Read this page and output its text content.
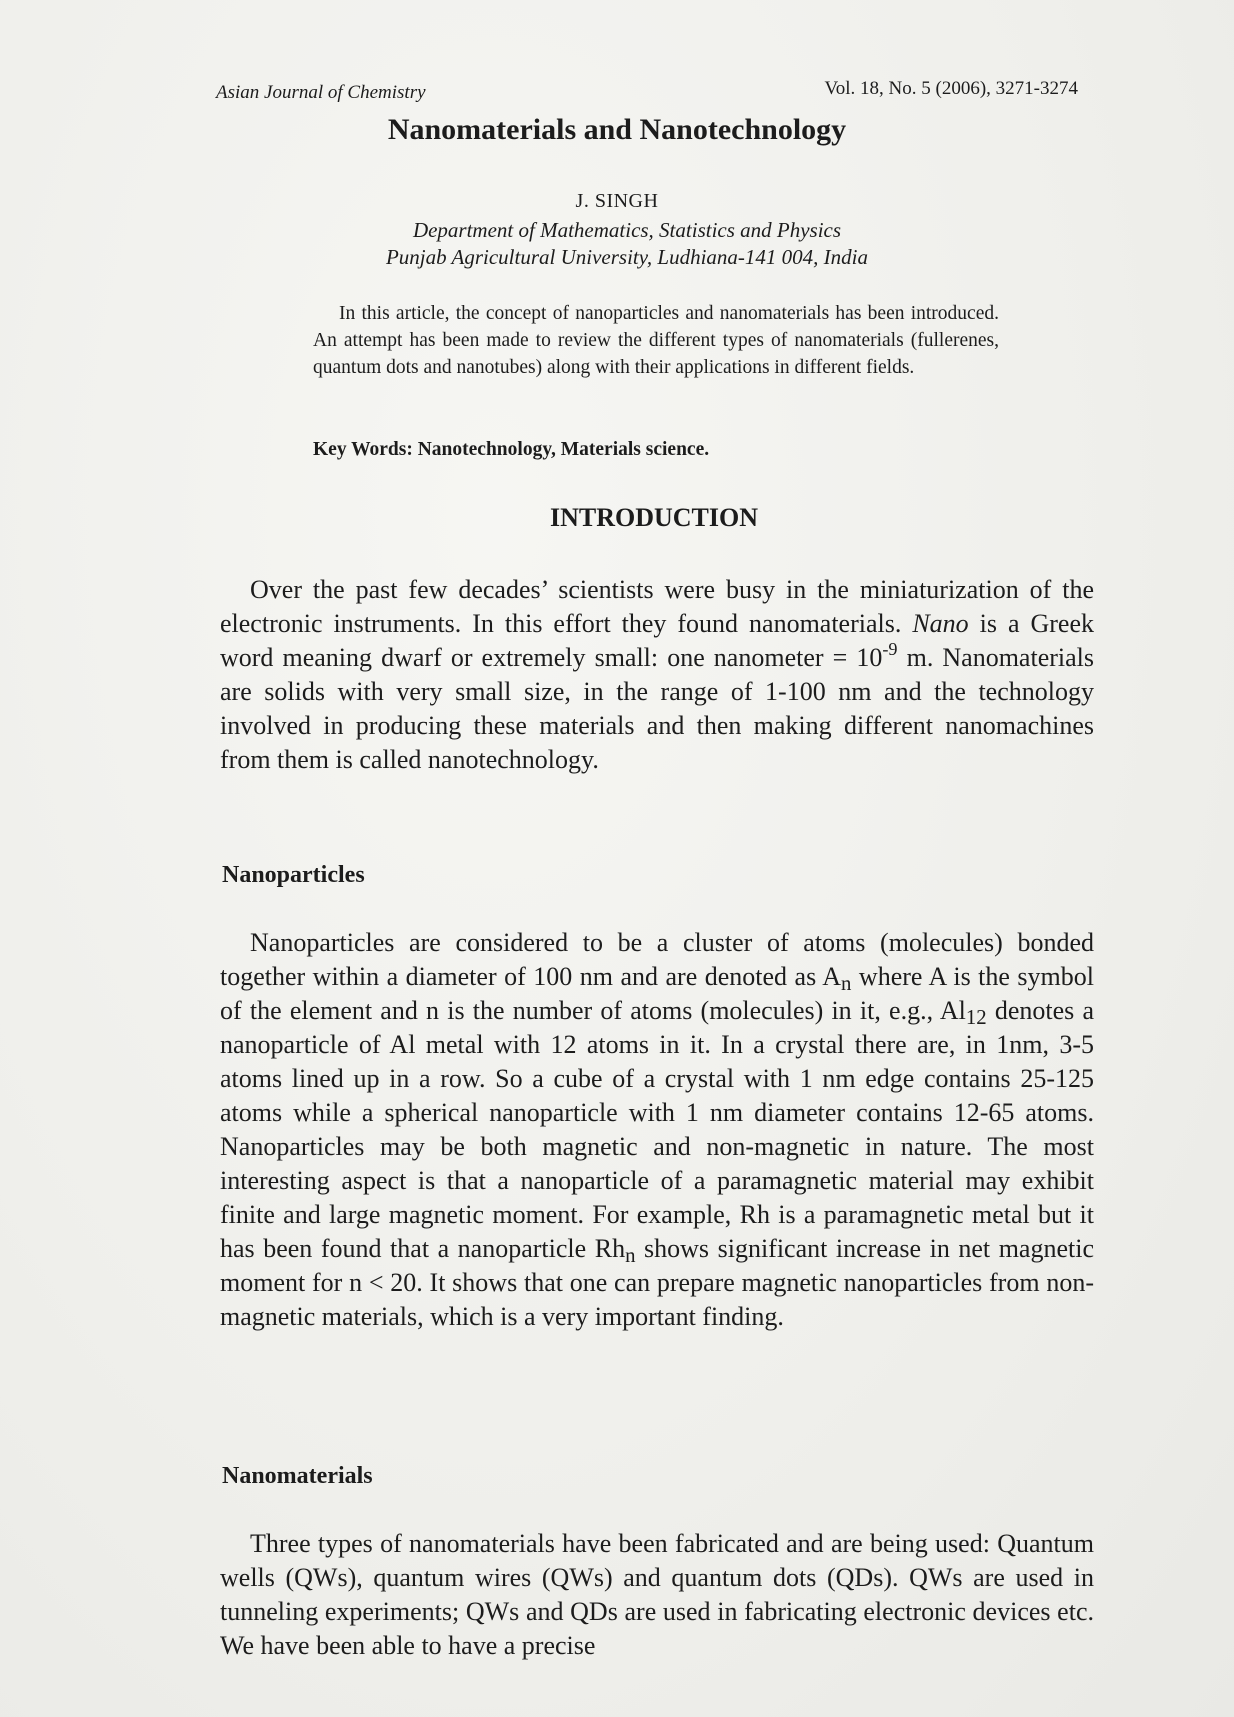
Asian Journal of Chemistry	Vol. 18, No. 5 (2006), 3271-3274
Nanomaterials and Nanotechnology
J. SINGH
Department of Mathematics, Statistics and Physics
Punjab Agricultural University, Ludhiana-141 004, India

In this article, the concept of nanoparticles and nanomaterials has been introduced. An attempt has been made to review the different types of nanomaterials (fullerenes, quantum dots and nanotubes) along with their applications in different fields.

Key Words: Nanotechnology, Materials science.

INTRODUCTION

Over the past few decades’ scientists were busy in the miniaturization of the electronic instruments. In this effort they found nanomaterials. Nano is a Greek word meaning dwarf or extremely small: one nanometer = $10^{-9}$ m. Nanomaterials are solids with very small size, in the range of 1-100 nm and the technology involved in producing these materials and then making different nanomachines from them is called nanotechnology.

Nanoparticles

Nanoparticles are considered to be a cluster of atoms (molecules) bonded together within a diameter of 100 nm and are denoted as $A_n$ where A is the symbol of the element and n is the number of atoms (molecules) in it, e.g., $Al_{12}$ denotes a nanoparticle of Al metal with 12 atoms in it. In a crystal there are, in 1nm, 3-5 atoms lined up in a row. So a cube of a crystal with 1 nm edge contains 25-125 atoms while a spherical nanoparticle with 1 nm diameter contains 12-65 atoms. Nanoparticles may be both magnetic and non-magnetic in nature. The most interesting aspect is that a nanoparticle of a paramagnetic material may exhibit finite and large magnetic moment. For example, Rh is a paramagnetic metal but it has been found that a nanoparticle $Rh_n$ shows significant increase in net magnetic moment for n < 20. It shows that one can prepare magnetic nanoparticles from non-magnetic materials, which is a very important finding.

Nanomaterials

Three types of nanomaterials have been fabricated and are being used: Quantum wells (QWs), quantum wires (QWs) and quantum dots (QDs). QWs are used in tunneling experiments; QWs and QDs are used in fabricating electronic devices etc. We have been able to have a precise
